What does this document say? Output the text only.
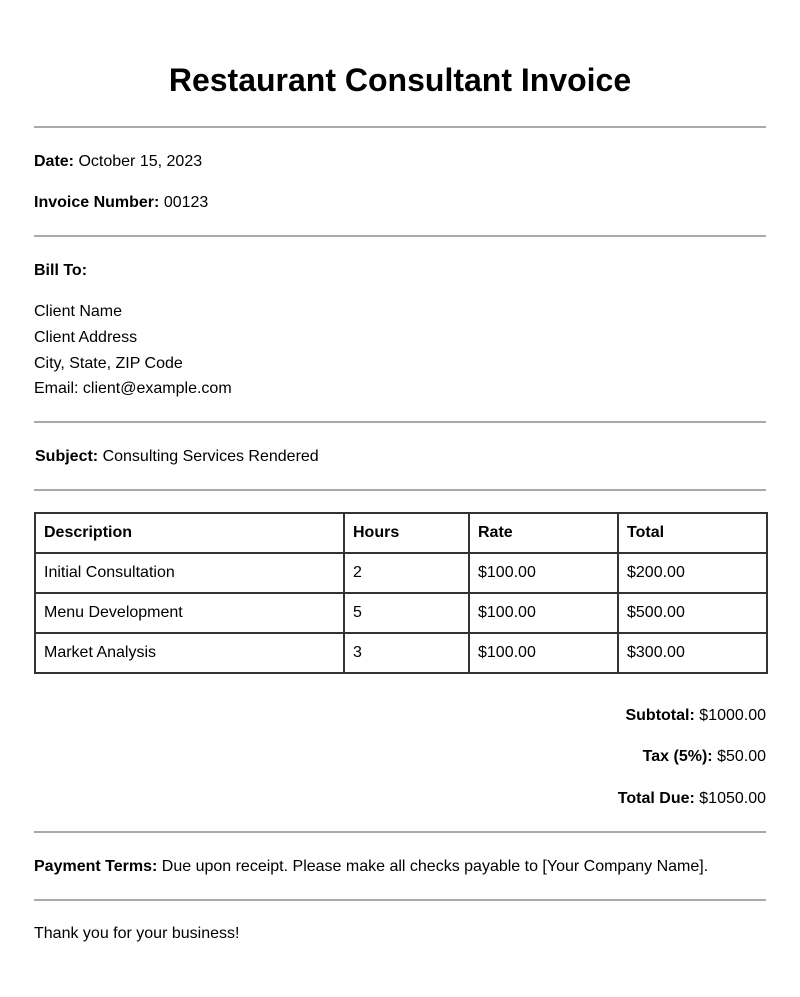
Restaurant Consultant Invoice
Date: October 15, 2023
Invoice Number: 00123
Bill To:
Client Name
Client Address
City, State, ZIP Code
Email: client@example.com
Subject: Consulting Services Rendered
Description	Hours	Rate	Total
Initial Consultation	2	$100.00	$200.00
Menu Development	5	$100.00	$500.00
Market Analysis	3	$100.00	$300.00
Subtotal: $1000.00
Tax (5%): $50.00
Total Due: $1050.00
Payment Terms: Due upon receipt. Please make all checks payable to [Your Company Name].
Thank you for your business!
